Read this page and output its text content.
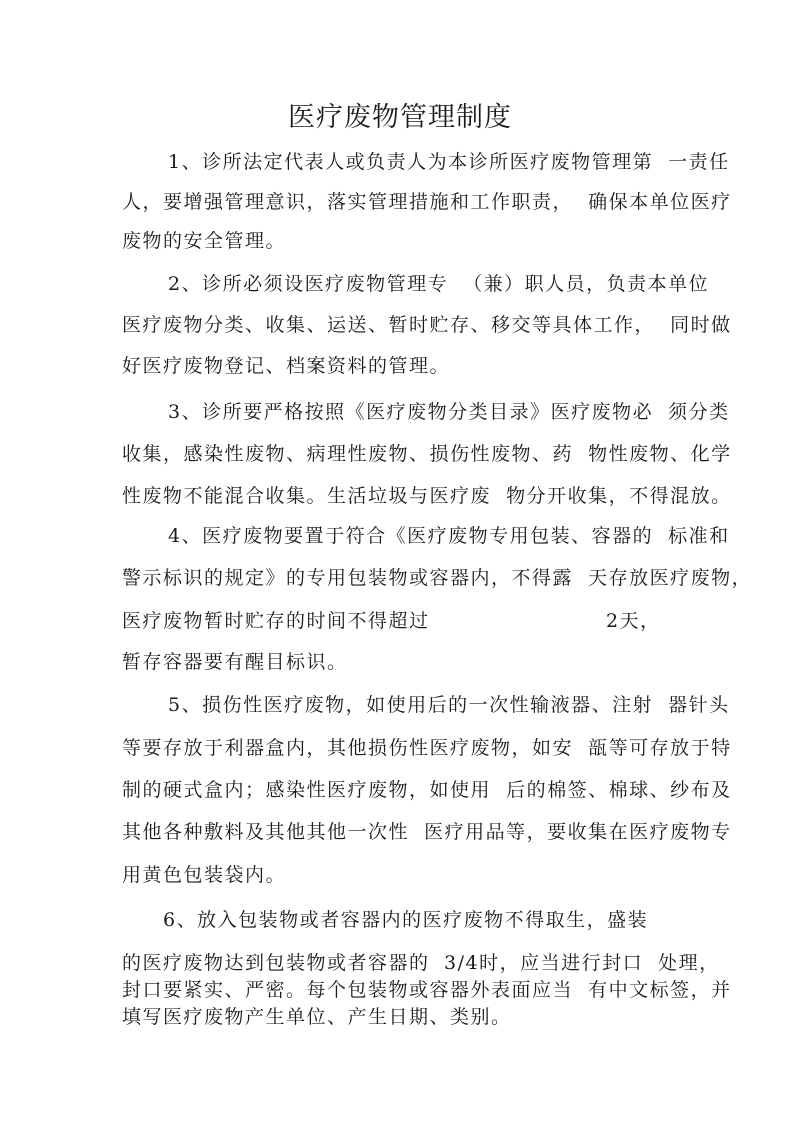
医疗废物管理制度
1、诊所法定代表人或负责人为本诊所医疗废物管理第  一责任
人，要增强管理意识，落实管理措施和工作职责，  确保本单位医疗
废物的安全管理。
2、诊所必须设医疗废物管理专  （兼）职人员，负责本单位
医疗废物分类、收集、运送、暂时贮存、移交等具体工作，  同时做
好医疗废物登记、档案资料的管理。
3、诊所要严格按照《医疗废物分类目录》医疗废物必  须分类
收集，感染性废物、病理性废物、损伤性废物、药  物性废物、化学
性废物不能混合收集。生活垃圾与医疗废  物分开收集，不得混放。
4、医疗废物要置于符合《医疗废物专用包装、容器的  标准和
警示标识的规定》的专用包装物或容器内，不得露  天存放医疗废物，
医疗废物暂时贮存的时间不得超过	2天，
暂存容器要有醒目标识。
5、损伤性医疗废物，如使用后的一次性输液器、注射  器针头
等要存放于利器盒内，其他损伤性医疗废物，如安  瓿等可存放于特
制的硬式盒内；感染性医疗废物，如使用  后的棉签、棉球、纱布及
其他各种敷料及其他其他一次性  医疗用品等，要收集在医疗废物专
用黄色包装袋内。
6、放入包装物或者容器内的医疗废物不得取生，盛装
的医疗废物达到包装物或者容器的 3/4时，应当进行封口  处理，
封口要紧实、严密。每个包装物或容器外表面应当  有中文标签，并
填写医疗废物产生单位、产生日期、类别。
